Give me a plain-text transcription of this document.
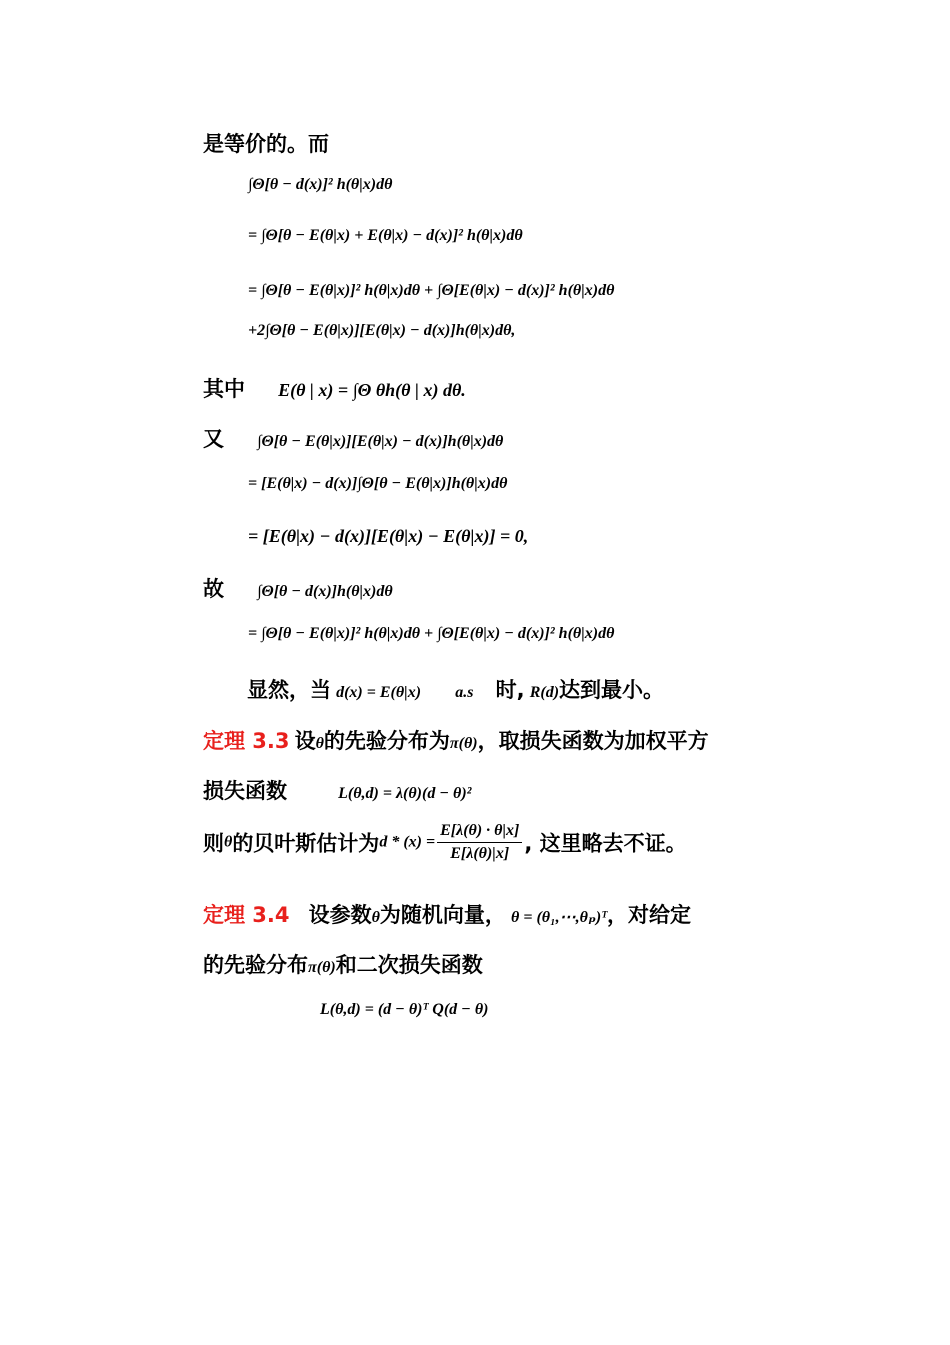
是等价的。而
∫Θ[θ − d(x)]² h(θ|x)dθ
= ∫Θ[θ − E(θ|x) + E(θ|x) − d(x)]² h(θ|x)dθ
= ∫Θ[θ − E(θ|x)]² h(θ|x)dθ + ∫Θ[E(θ|x) − d(x)]² h(θ|x)dθ
+2∫Θ[θ − E(θ|x)][E(θ|x) − d(x)]h(θ|x)dθ,
其中 E(θ | x) = ∫Θ θh(θ | x) dθ.
又 ∫Θ[θ − E(θ|x)][E(θ|x) − d(x)]h(θ|x)dθ
= [E(θ|x) − d(x)]∫Θ[θ − E(θ|x)]h(θ|x)dθ
= [E(θ|x) − d(x)][E(θ|x) − E(θ|x)] = 0,
故 ∫Θ[θ − d(x)]h(θ|x)dθ
= ∫Θ[θ − E(θ|x)]² h(θ|x)dθ + ∫Θ[E(θ|x) − d(x)]² h(θ|x)dθ
显然，当 d(x) = E(θ|x) a.s 时, R(d)达到最小。
定理 3.3 设θ的先验分布为π(θ)，取损失函数为加权平方
损失函数	L(θ,d) = λ(θ)(d − θ)²
则θ的贝叶斯估计为$d * (x) = \frac{E[\lambda(\theta) \cdot \theta|x]}{E[\lambda(\theta)|x]}$ , 这里略去不证。
定理 3.4 设参数θ为随机向量， θ = (θ₁,⋯,θₚ)ᵀ，对给定
的先验分布π(θ)和二次损失函数
L(θ,d) = (d − θ)ᵀ Q(d − θ)
